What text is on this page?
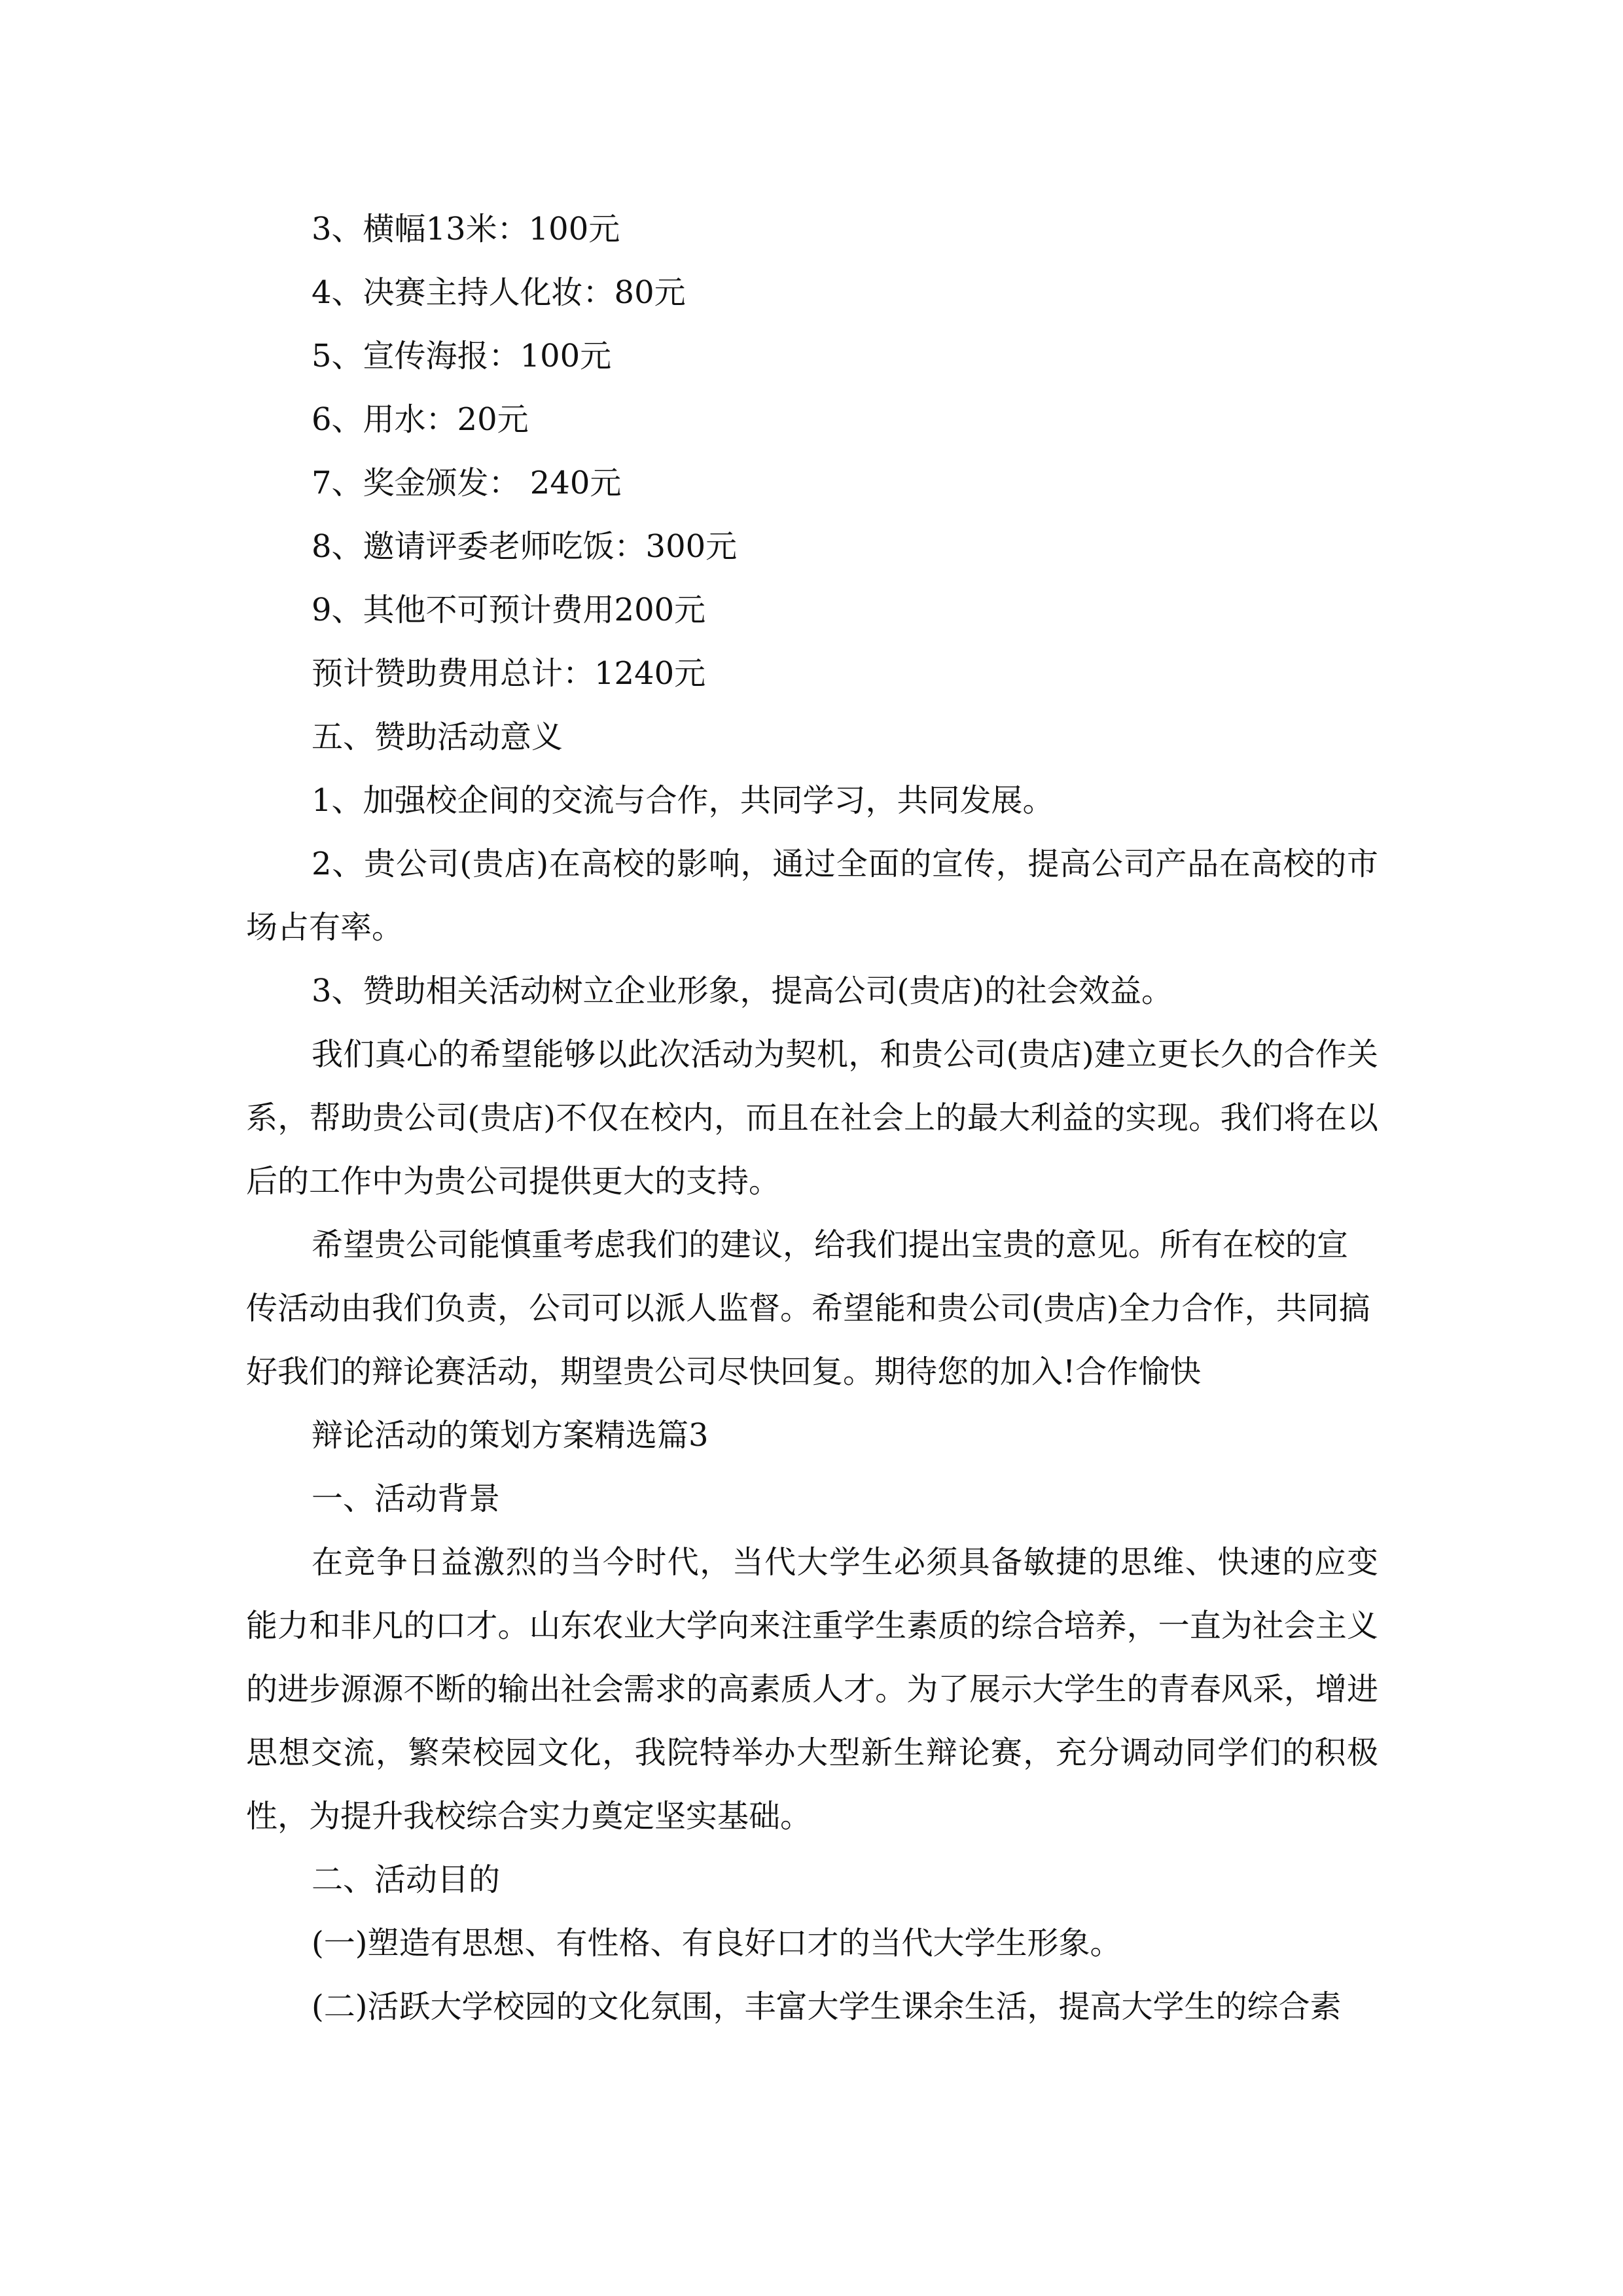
3、横幅13米：100元

4、决赛主持人化妆：80元

5、宣传海报：100元

6、用水：20元

7、奖金颁发： 240元

8、邀请评委老师吃饭：300元

9、其他不可预计费用200元

预计赞助费用总计：1240元

五、赞助活动意义

1、加强校企间的交流与合作，共同学习，共同发展。

2、贵公司(贵店)在高校的影响，通过全面的宣传，提高公司产品在高校的市场占有率。

3、赞助相关活动树立企业形象，提高公司(贵店)的社会效益。

我们真心的希望能够以此次活动为契机，和贵公司(贵店)建立更长久的合作关系，帮助贵公司(贵店)不仅在校内，而且在社会上的最大利益的实现。我们将在以后的工作中为贵公司提供更大的支持。

希望贵公司能慎重考虑我们的建议，给我们提出宝贵的意见。所有在校的宣传活动由我们负责，公司可以派人监督。希望能和贵公司(贵店)全力合作，共同搞好我们的辩论赛活动，期望贵公司尽快回复。期待您的加入!合作愉快

辩论活动的策划方案精选篇3

一、活动背景

在竞争日益激烈的当今时代，当代大学生必须具备敏捷的思维、快速的应变能力和非凡的口才。山东农业大学向来注重学生素质的综合培养，一直为社会主义的进步源源不断的输出社会需求的高素质人才。为了展示大学生的青春风采，增进思想交流，繁荣校园文化，我院特举办大型新生辩论赛，充分调动同学们的积极性，为提升我校综合实力奠定坚实基础。

二、活动目的

(一)塑造有思想、有性格、有良好口才的当代大学生形象。

(二)活跃大学校园的文化氛围，丰富大学生课余生活，提高大学生的综合素
